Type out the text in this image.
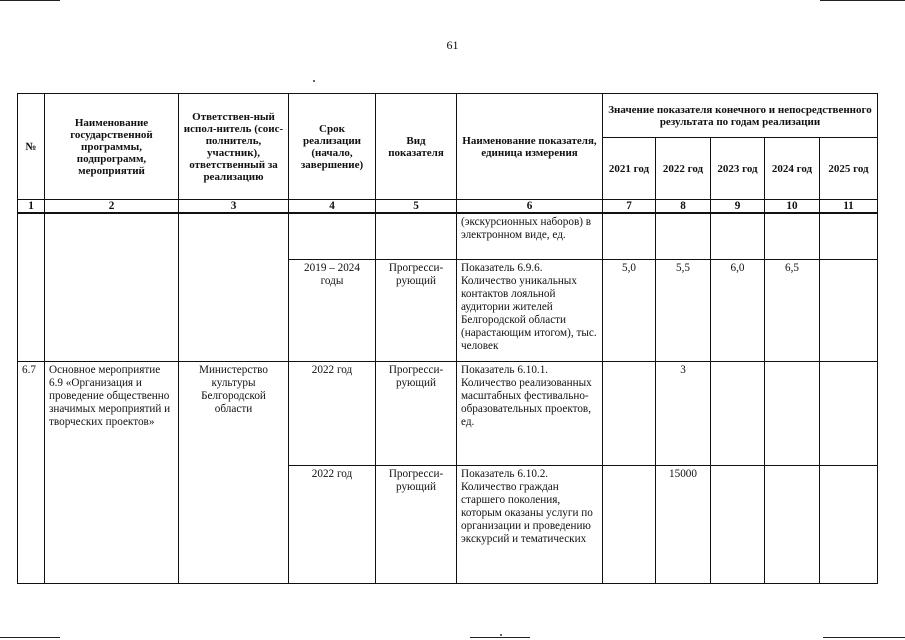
61
№	Наименование государственной программы, подпрограмм, мероприятий	Ответствен-ный испол-нитель (соис-полнитель, участник), ответственный за реализацию	Срок реализации (начало, завершение)	Вид показателя	Наименование показателя, единица измерения	Значение показателя конечного и непосредственного результата по годам реализации				
						2021 год	2022 год	2023 год	2024 год	2025 год
1	2	3	4	5	6	7	8	9	10	11
					(экскурсионных наборов) в электронном виде, ед.					
			2019 – 2024 годы	Прогресси-рующий	Показатель 6.9.6. Количество уникальных контактов лояльной аудитории жителей Белгородской области (нарастающим итогом), тыс. человек	5,0	5,5	6,0	6,5	
6.7	Основное мероприятие 6.9 «Организация и проведение общественно значимых мероприятий и творческих проектов»	Министерство культуры Белгородской области	2022 год	Прогресси-рующий	Показатель 6.10.1. Количество реализованных масштабных фестивально-образовательных проектов, ед.		3			
			2022 год	Прогресси-рующий	Показатель 6.10.2. Количество граждан старшего поколения, которым оказаны услуги по организации и проведению экскурсий и тематических		15000			
